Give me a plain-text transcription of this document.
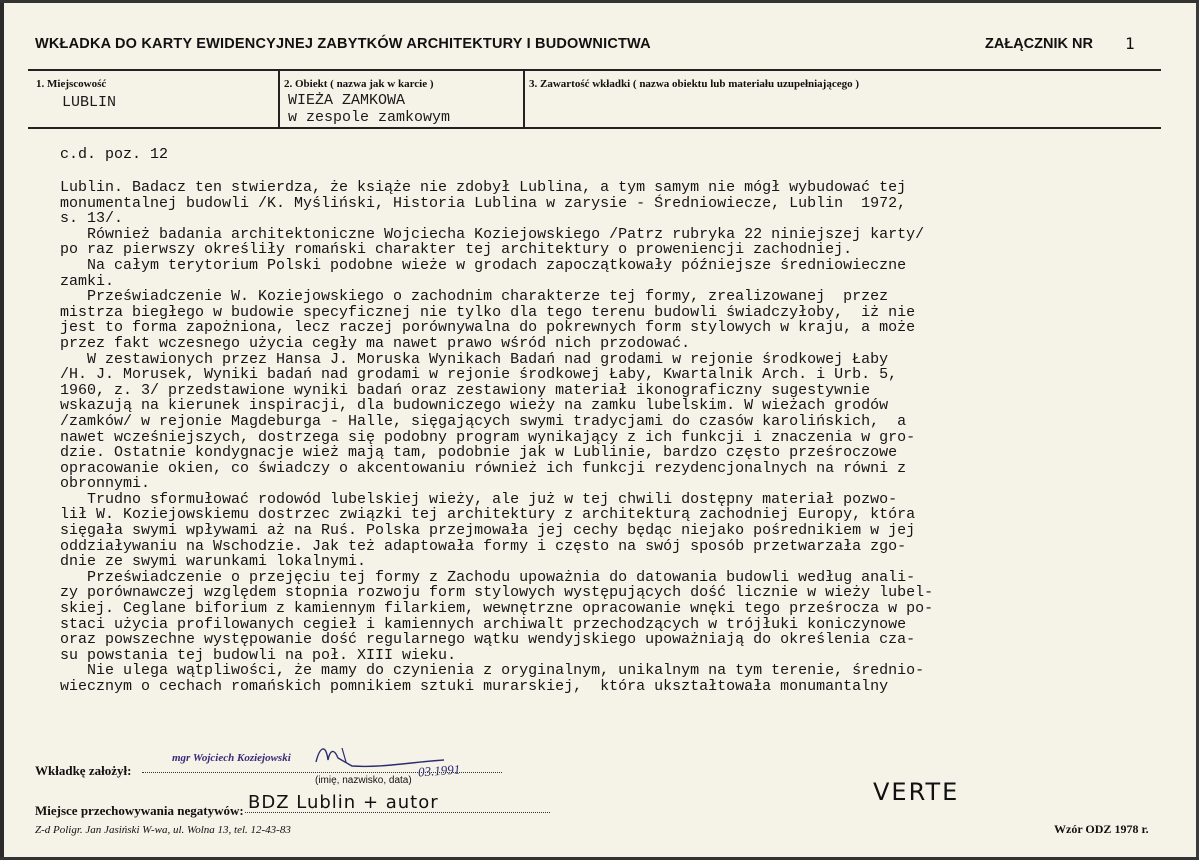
WKŁADKA DO KARTY EWIDENCYJNEJ ZABYTKÓW ARCHITEKTURY I BUDOWNICTWA	ZAŁĄCZNIK NR 1
1. Miejscowość
LUBLIN
2. Obiekt ( nazwa jak w karcie )
WIEŻA ZAMKOWA
w zespole zamkowym
3. Zawartość wkładki ( nazwa obiektu lub materiału uzupełniającego )
c.d. poz. 12
Lublin. Badacz ten stwierdza, że książe nie zdobył Lublina, a tym samym nie mógł wybudować tej
monumentalnej budowli /K. Myśliński, Historia Lublina w zarysie - Średniowiecze, Lublin  1972,
s. 13/.
Również badania architektoniczne Wojciecha Koziejowskiego /Patrz rubryka 22 niniejszej karty/
po raz pierwszy określiły romański charakter tej architektury o proweniencji zachodniej.
Na całym terytorium Polski podobne wieże w grodach zapoczątkowały późniejsze średniowieczne
zamki.
Przeświadczenie W. Koziejowskiego o zachodnim charakterze tej formy, zrealizowanej  przez
mistrza biegłego w budowie specyficznej nie tylko dla tego terenu budowli świadczyłoby,  iż nie
jest to forma zapożniona, lecz raczej porównywalna do pokrewnych form stylowych w kraju, a może
przez fakt wczesnego użycia cegły ma nawet prawo wśród nich przodować.
W zestawionych przez Hansa J. Moruska Wynikach Badań nad grodami w rejonie środkowej Łaby
/H. J. Morusek, Wyniki badań nad grodami w rejonie środkowej Łaby, Kwartalnik Arch. i Urb. 5,
1960, z. 3/ przedstawione wyniki badań oraz zestawiony materiał ikonograficzny sugestywnie
wskazują na kierunek inspiracji, dla budowniczego wieży na zamku lubelskim. W wieżach grodów
/zamków/ w rejonie Magdeburga - Halle, sięgających swymi tradycjami do czasów karolińskich,  a
nawet wcześniejszych, dostrzega się podobny program wynikający z ich funkcji i znaczenia w gro-
dzie. Ostatnie kondygnacje wież mają tam, podobnie jak w Lublinie, bardzo często prześroczowe
opracowanie okien, co świadczy o akcentowaniu również ich funkcji rezydencjonalnych na równi z
obronnymi.
Trudno sformułować rodowód lubelskiej wieży, ale już w tej chwili dostępny materiał pozwo-
lił W. Koziejowskiemu dostrzec związki tej architektury z architekturą zachodniej Europy, która
sięgała swymi wpływami aż na Ruś. Polska przejmowała jej cechy będąc niejako pośrednikiem w jej
oddziaływaniu na Wschodzie. Jak też adaptowała formy i często na swój sposób przetwarzała zgo-
dnie ze swymi warunkami lokalnymi.
Przeświadczenie o przejęciu tej formy z Zachodu upoważnia do datowania budowli według anali-
zy porównawczej względem stopnia rozwoju form stylowych występujących dość licznie w wieży lubel-
skiej. Ceglane biforium z kamiennym filarkiem, wewnętrzne opracowanie wnęki tego prześrocza w po-
staci użycia profilowanych cegieł i kamiennych archiwalt przechodzących w trójłuki koniczynowe
oraz powszechne występowanie dość regularnego wątku wendyjskiego upoważniają do określenia cza-
su powstania tej budowli na poł. XIII wieku.
Nie ulega wątpliwości, że mamy do czynienia z oryginalnym, unikalnym na tym terenie, średnio-
wiecznym o cechach romańskich pomnikiem sztuki murarskiej,  która ukształtowała monumantalny
Wkładkę założył:
mgr Wojciech Koziejowski
03.1991
(imię, nazwisko, data)
Miejsce przechowywania negatywów: BDZ Lublin + autor	VERTE
Z-d Poligr. Jan Jasiński W-wa, ul. Wolna 13, tel. 12-43-83	Wzór ODZ 1978 r.
